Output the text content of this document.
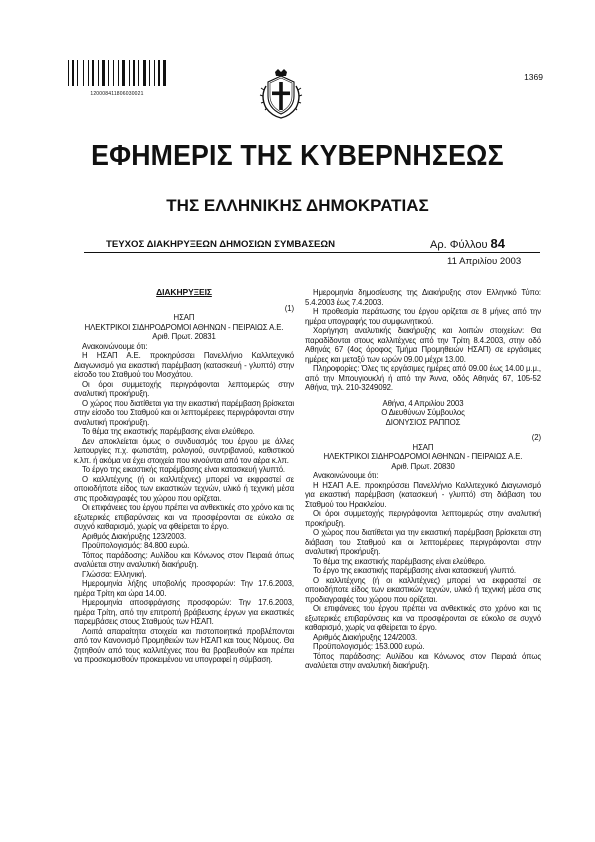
120008411806030021
1369
ΕΦΗΜΕΡΙΣ ΤΗΣ ΚΥΒΕΡΝΗΣΕΩΣ
ΤΗΣ ΕΛΛΗΝΙΚΗΣ ΔΗΜΟΚΡΑΤΙΑΣ
ΤΕΥΧΟΣ ΔΙΑΚΗΡΥΞΕΩΝ ΔΗΜΟΣΙΩΝ ΣΥΜΒΑΣΕΩΝ	Αρ. Φύλλου 84
11 Απριλίου 2003

ΔΙΑΚΗΡΥΞΕΙΣ

(1)

ΗΣΑΠ

ΗΛΕΚΤΡΙΚΟΙ ΣΙΔΗΡΟΔΡΟΜΟΙ ΑΘΗΝΩΝ - ΠΕΙΡΑΙΩΣ Α.Ε.

Αριθ. Πρωτ. 20831

Ανακοινώνουμε ότι:

Η ΗΣΑΠ Α.Ε. προκηρύσσει Πανελλήνιο Καλλιτεχνικό Διαγωνισμό για εικαστική παρέμβαση (κατασκευή - γλυπτό) στην είσοδο του Σταθμού του Μοσχάτου.

Οι όροι συμμετοχής περιγράφονται λεπτομερώς στην αναλυτική προκήρυξη.

Ο χώρος που διατίθεται για την εικαστική παρέμβαση βρίσκεται στην είσοδο του Σταθμού και οι λεπτομέρειες περιγράφονται στην αναλυτική προκήρυξη.

Το θέμα της εικαστικής παρέμβασης είναι ελεύθερο.

Δεν αποκλείεται όμως ο συνδυασμός του έργου με άλλες λειτουργίες π.χ. φωτιστάτη, ρολογιού, συντριβανιού, καθιστικού κ.λπ. ή ακόμα να έχει στοιχεία που κινούνται από τον αέρα κ.λπ.

Το έργο της εικαστικής παρέμβασης είναι κατασκευή γλυπτό.

Ο καλλιτέχνης (ή οι καλλιτέχνες) μπορεί να εκφραστεί σε οποιοδήποτε είδος των εικαστικών τεχνών, υλικό ή τεχνική μέσα στις προδιαγραφές του χώρου που ορίζεται.

Οι επιφάνειες του έργου πρέπει να ανθεκτικές στο χρόνο και τις εξωτερικές επιβαρύνσεις και να προσφέρονται σε εύκολο σε συχνό καθαρισμό, χωρίς να φθείρεται το έργο.

Αριθμός Διακήρυξης 123/2003.

Προϋπολογισμός: 84.800 ευρώ.

Τόπος παράδοσης: Αυλίδου και Κόνωνος στον Πειραιά όπως αναλύεται στην αναλυτική διακήρυξη.

Γλώσσα: Ελληνική.

Ημερομηνία λήξης υποβολής προσφορών: Την 17.6.2003, ημέρα Τρίτη και ώρα 14.00.

Ημερομηνία αποσφράγισης προσφορών: Την 17.6.2003, ημέρα Τρίτη, από την επιτροπή βράβευσης έργων για εικαστικές παρεμβάσεις στους Σταθμούς των ΗΣΑΠ.

Λοιπά απαραίτητα στοιχεία και πιστοποιητικά προβλέπονται από τον Κανονισμό Προμηθειών των ΗΣΑΠ και τους Νόμους. Θα ζητηθούν από τους καλλιτέχνες που θα βραβευθούν και πρέπει να προσκομισθούν προκειμένου να υπογραφεί η σύμβαση.

Ημερομηνία δημοσίευσης της Διακήρυξης στον Ελληνικό Τύπο: 5.4.2003 έως 7.4.2003.

Η προθεσμία περάτωσης του έργου ορίζεται σε 8 μήνες από την ημέρα υπογραφής του συμφωνητικού.

Χορήγηση αναλυτικής διακήρυξης και λοιπών στοιχείων: Θα παραδίδονται στους καλλιτέχνες από την Τρίτη 8.4.2003, στην οδό Αθηνάς 67 (4ος όροφος Τμήμα Προμηθειών ΗΣΑΠ) σε εργάσιμες ημέρες και μεταξύ των ωρών 09.00 μέχρι 13.00.

Πληροφορίες: Όλες τις εργάσιμες ημέρες από 09.00 έως 14.00 μ.μ., από την Μπουγιουκλή ή από την Άννα, οδός Αθηνάς 67, 105-52 Αθήνα, τηλ. 210-3249092.

Αθήνα, 4 Απριλίου 2003

Ο Διευθύνων Σύμβουλος

ΔΙΟΝΥΣΙΟΣ ΡΑΠΠΟΣ

(2)

ΗΣΑΠ

ΗΛΕΚΤΡΙΚΟΙ ΣΙΔΗΡΟΔΡΟΜΟΙ ΑΘΗΝΩΝ - ΠΕΙΡΑΙΩΣ Α.Ε.

Αριθ. Πρωτ. 20830

Ανακοινώνουμε ότι:

Η ΗΣΑΠ Α.Ε. προκηρύσσει Πανελλήνιο Καλλιτεχνικό Διαγωνισμό για εικαστική παρέμβαση (κατασκευή - γλυπτό) στη διάβαση του Σταθμού του Ηρακλείου.

Οι όροι συμμετοχής περιγράφονται λεπτομερώς στην αναλυτική προκήρυξη.

Ο χώρος που διατίθεται για την εικαστική παρέμβαση βρίσκεται στη διάβαση του Σταθμού και οι λεπτομέρειες περιγράφονται στην αναλυτική προκήρυξη.

Το θέμα της εικαστικής παρέμβασης είναι ελεύθερο.

Το έργο της εικαστικής παρέμβασης είναι κατασκευή γλυπτό.

Ο καλλιτέχνης (ή οι καλλιτέχνες) μπορεί να εκφραστεί σε οποιοδήποτε είδος των εικαστικών τεχνών, υλικό ή τεχνική μέσα στις προδιαγραφές του χώρου που ορίζεται.

Οι επιφάνειες του έργου πρέπει να ανθεκτικές στο χρόνο και τις εξωτερικές επιβαρύνσεις και να προσφέρονται σε εύκολο σε συχνό καθαρισμό, χωρίς να φθείρεται το έργο.

Αριθμός Διακήρυξης 124/2003.

Προϋπολογισμός: 153.000 ευρώ.

Τόπος παράδοσης: Αυλίδου και Κόνωνος στον Πειραιά όπως αναλύεται στην αναλυτική διακήρυξη.
